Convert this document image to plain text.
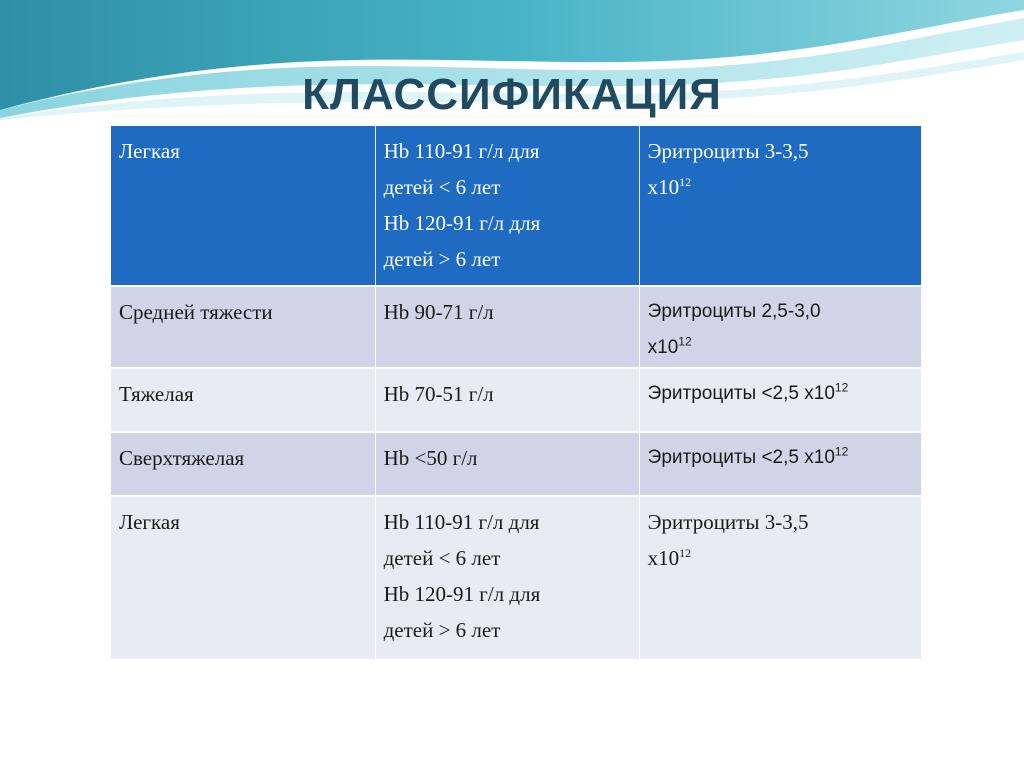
КЛАССИФИКАЦИЯ
Легкая	Hb 110-91 г/л для
детей < 6 лет
Hb 120-91 г/л для
детей > 6 лет	Эритроциты 3-3,5
$x10^{12}$

Средней тяжести	Hb 90-71 г/л	Эритроциты 2,5-3,0
$x10^{12}$

Тяжелая	Hb 70-51 г/л	Эритроциты <2,5 $x10^{12}$

Сверхтяжелая	Hb <50 г/л	Эритроциты <2,5 $x10^{12}$

Легкая	Hb 110-91 г/л для
детей < 6 лет
Hb 120-91 г/л для
детей > 6 лет	Эритроциты 3-3,5
$x10^{12}$
